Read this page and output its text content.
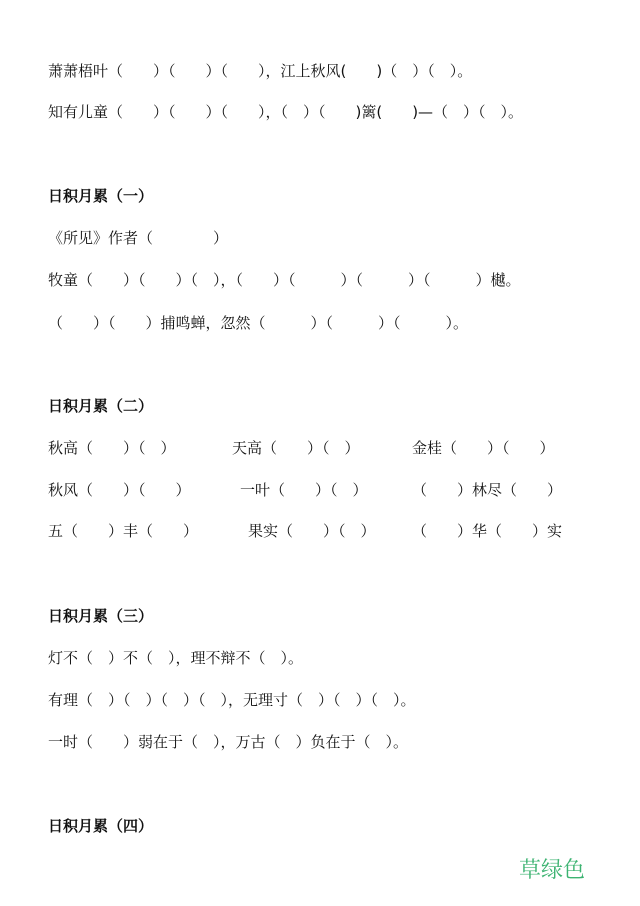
萧萧梧叶（　　）（　　）（　　），江上秋风(　　)（　）（　）。
知有儿童（　　）（　　）（　　），（　）（　　)篱(　　)—（　）（　）。
日积月累（一）
《所见》作者（　　　　）
牧童（　　）（　　）（　），（　　）（　　　）（　　　）（　　　）樾。
（　　）（　　）捕鸣蝉，忽然（　　　）（　　　）（　　　）。
日积月累（二）
秋高（　　）（　）	天高（　　）（　）	金桂（　　）（　　）
秋风（　　）（　　）	一叶（　　）（　）	（　　）林尽（　　）
五（　　）丰（　　）	果实（　　）（　） （　　）华（　　）实
日积月累（三）
灯不（　）不（　），理不辩不（　）。
有理（　）（　）（　）（　），无理寸（　）（　）（　）。
一时（　　）弱在于（　），万古（　）负在于（　）。
日积月累（四）
草绿色
